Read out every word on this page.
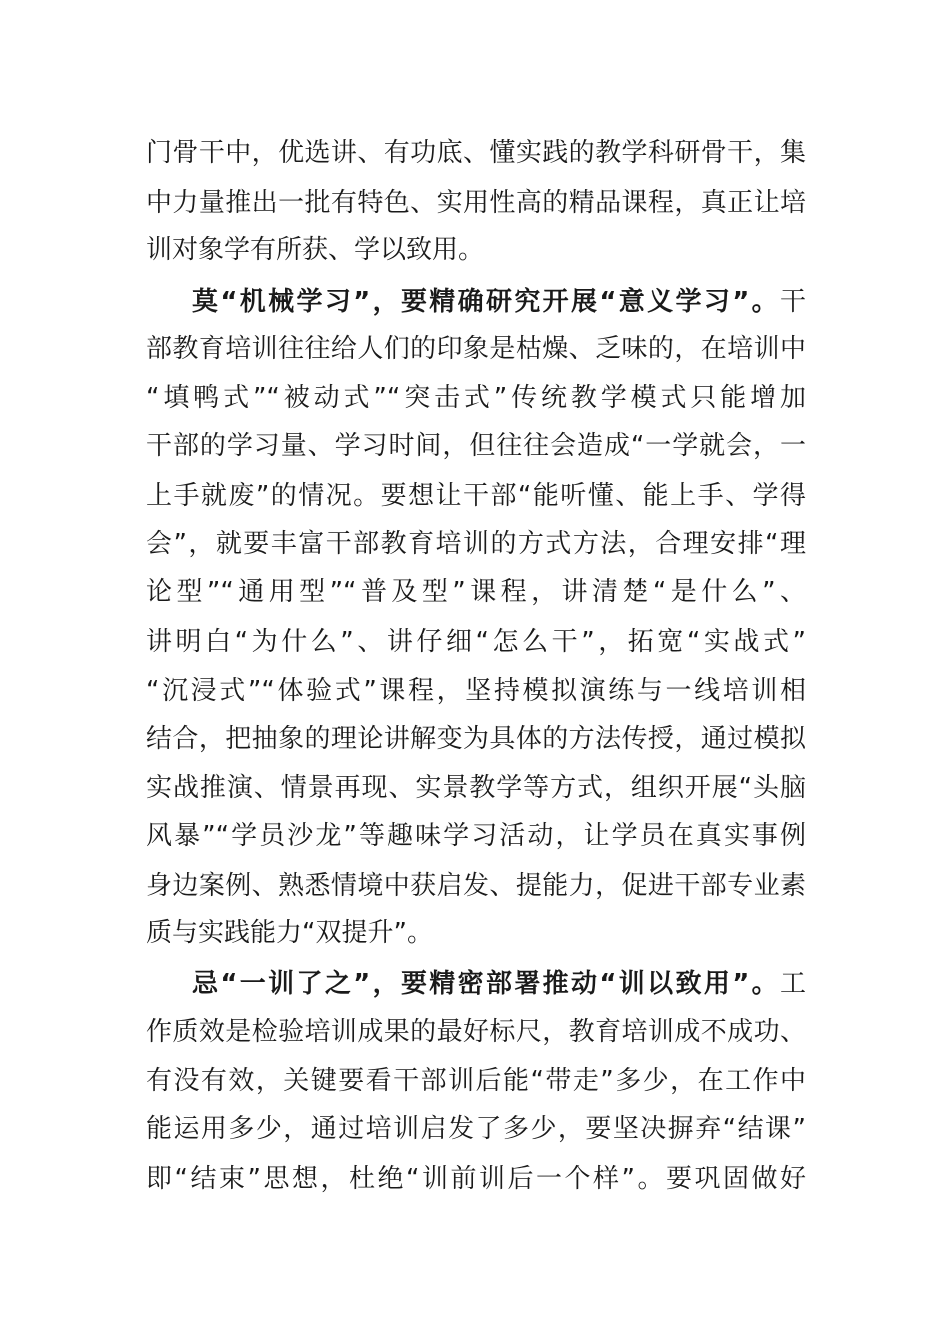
门骨干中，优选讲、有功底、懂实践的教学科研骨干，集
中力量推出一批有特色、实用性高的精品课程，真正让培
训对象学有所获、学以致用。
莫“机械学习”，要精确研究开展“意义学习”。干
部教育培训往往给人们的印象是枯燥、乏味的，在培训中
“填鸭式”“被动式”“突击式”传统教学模式只能增加
干部的学习量、学习时间，但往往会造成“一学就会，一
上手就废”的情况。要想让干部“能听懂、能上手、学得
会”，就要丰富干部教育培训的方式方法，合理安排“理
论型”“通用型”“普及型”课程，讲清楚“是什么”、
讲明白“为什么”、讲仔细“怎么干”，拓宽“实战式”
“沉浸式”“体验式”课程，坚持模拟演练与一线培训相
结合，把抽象的理论讲解变为具体的方法传授，通过模拟
实战推演、情景再现、实景教学等方式，组织开展“头脑
风暴”“学员沙龙”等趣味学习活动，让学员在真实事例
身边案例、熟悉情境中获启发、提能力，促进干部专业素
质与实践能力“双提升”。
忌“一训了之”，要精密部署推动“训以致用”。工
作质效是检验培训成果的最好标尺，教育培训成不成功、
有没有效，关键要看干部训后能“带走”多少，在工作中
能运用多少，通过培训启发了多少，要坚决摒弃“结课”
即“结束”思想，杜绝“训前训后一个样”。要巩固做好
